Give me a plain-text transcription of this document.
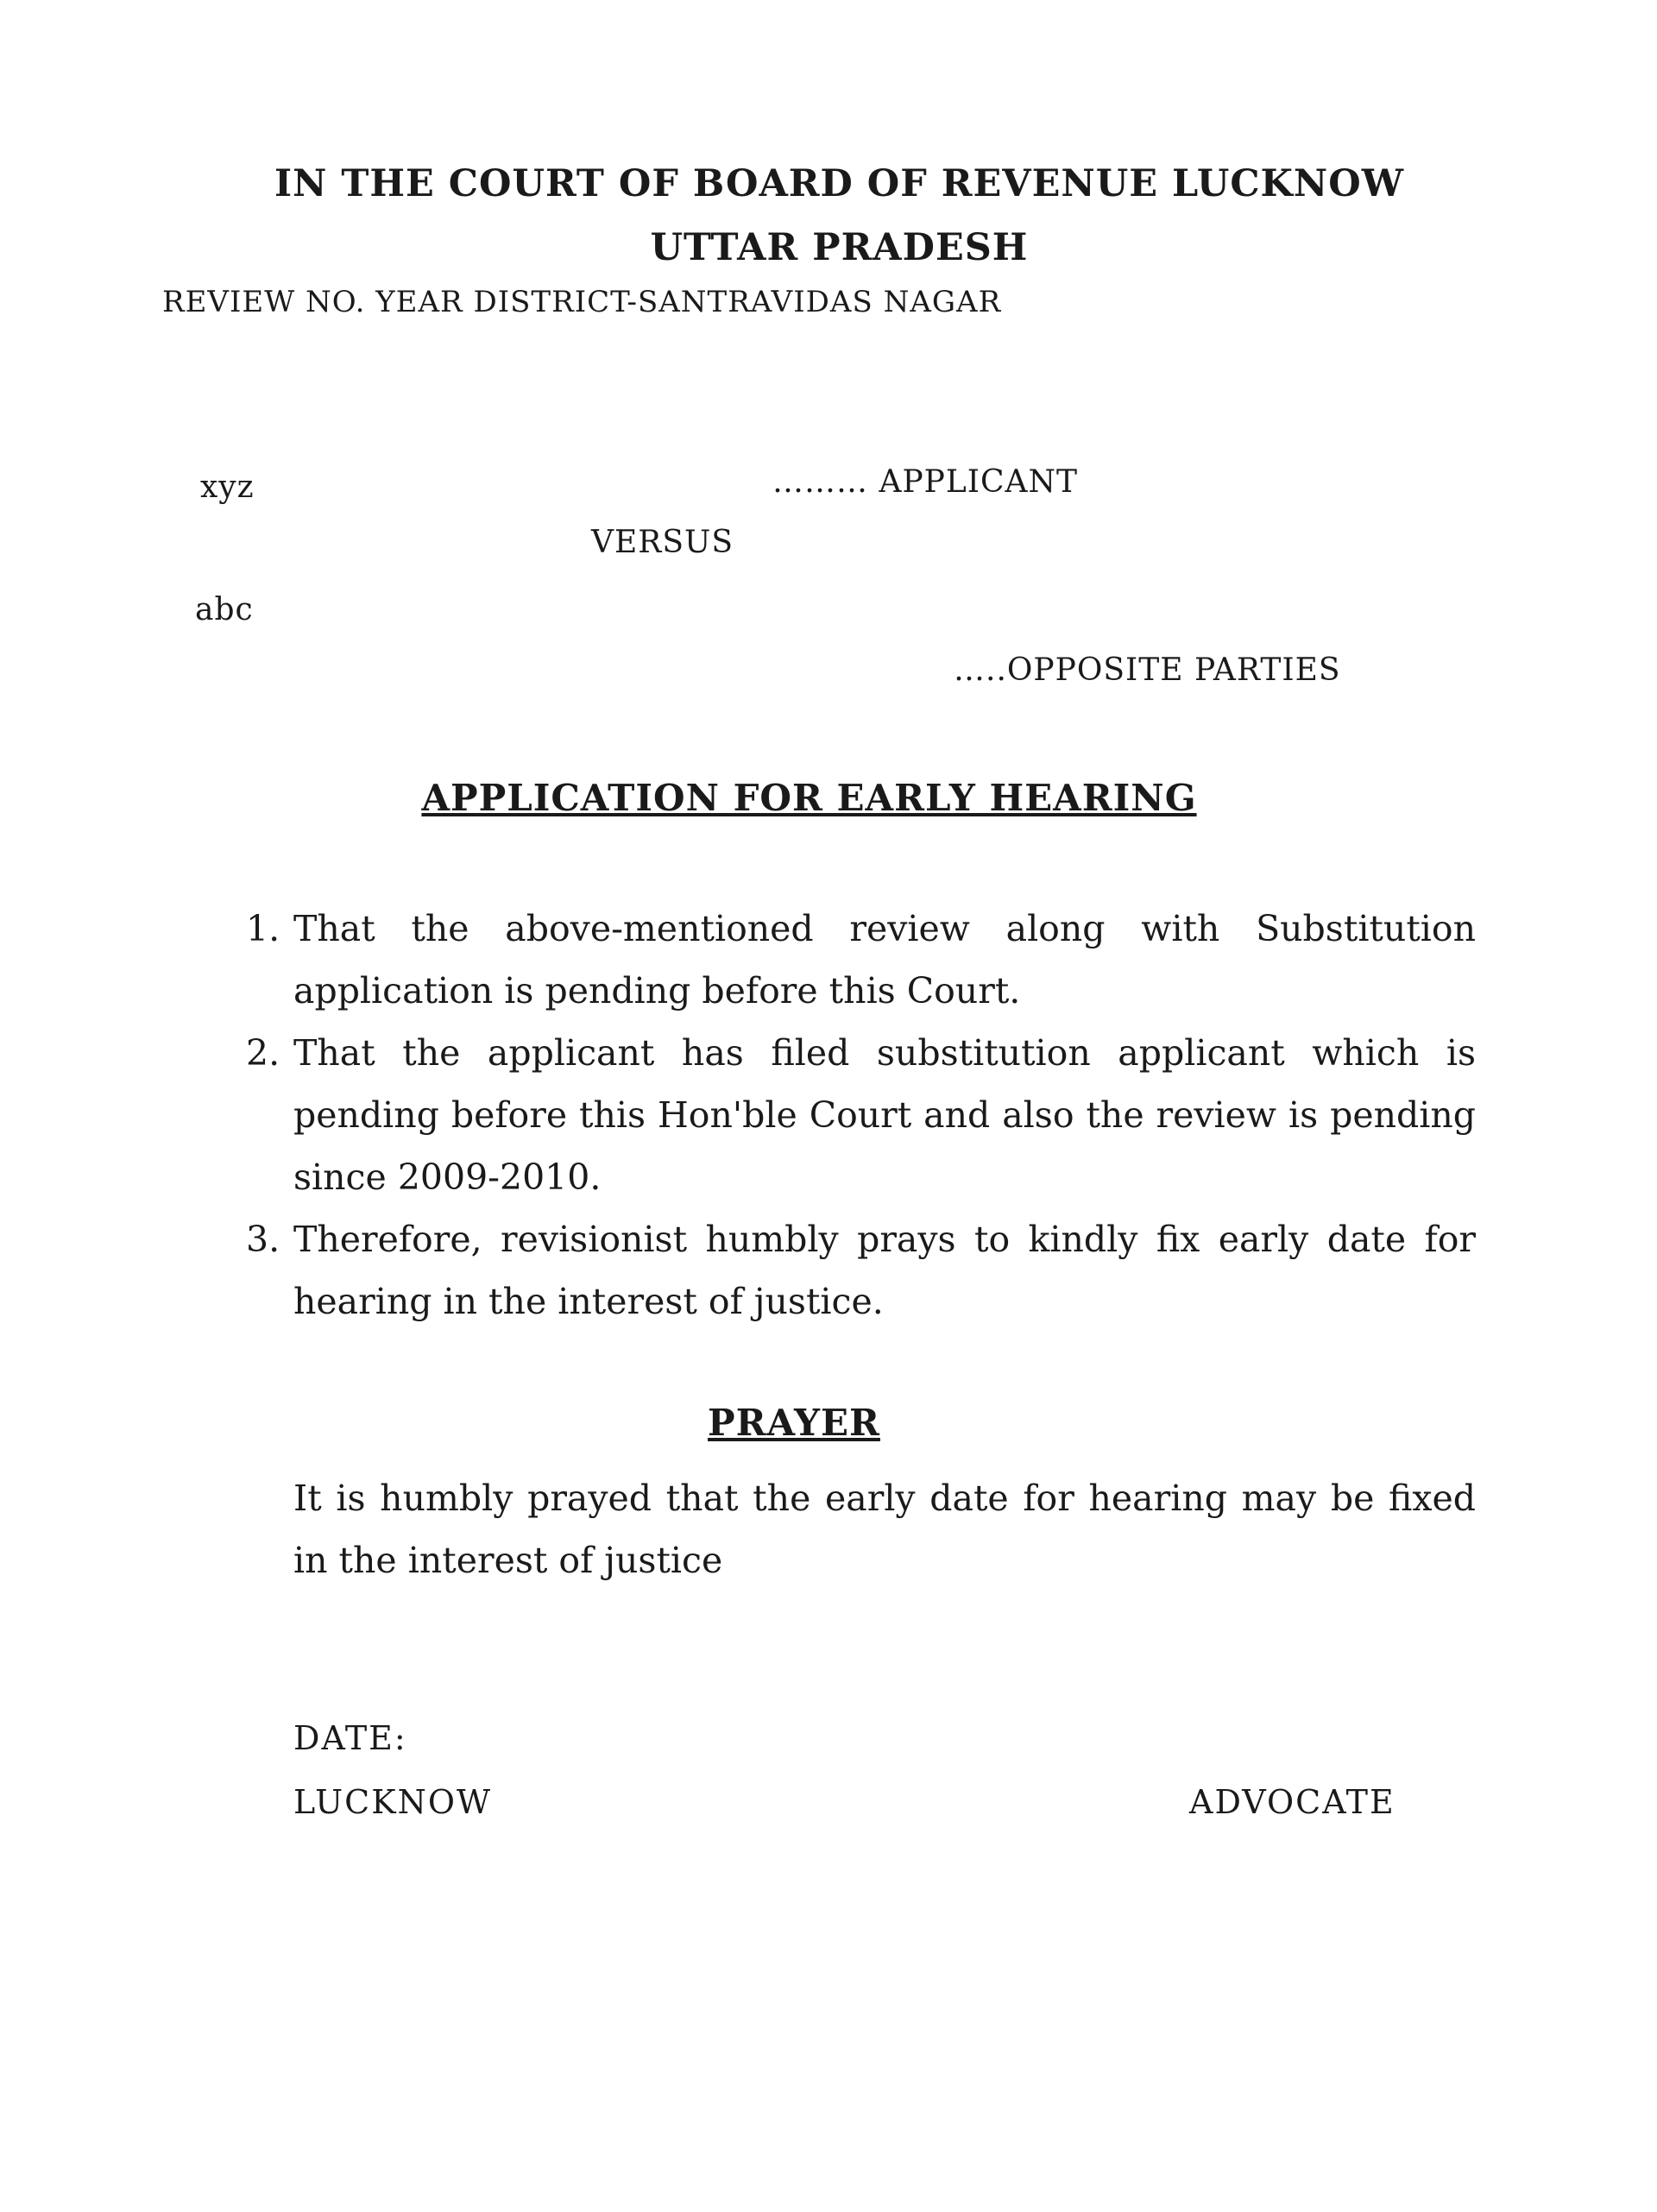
IN THE COURT OF BOARD OF REVENUE LUCKNOW
UTTAR PRADESH
REVIEW NO. YEAR DISTRICT-SANTRAVIDAS NAGAR
xyz	……… APPLICANT
VERSUS
abc
…..OPPOSITE PARTIES
APPLICATION FOR EARLY HEARING
1. That the above-mentioned review along with Substitution application is pending before this Court.
2. That the applicant has filed substitution applicant which is pending before this Hon'ble Court and also the review is pending since 2009-2010.
3. Therefore, revisionist humbly prays to kindly fix early date for hearing in the interest of justice.
PRAYER
It is humbly prayed that the early date for hearing may be fixed in the interest of justice
DATE:
LUCKNOW	ADVOCATE
